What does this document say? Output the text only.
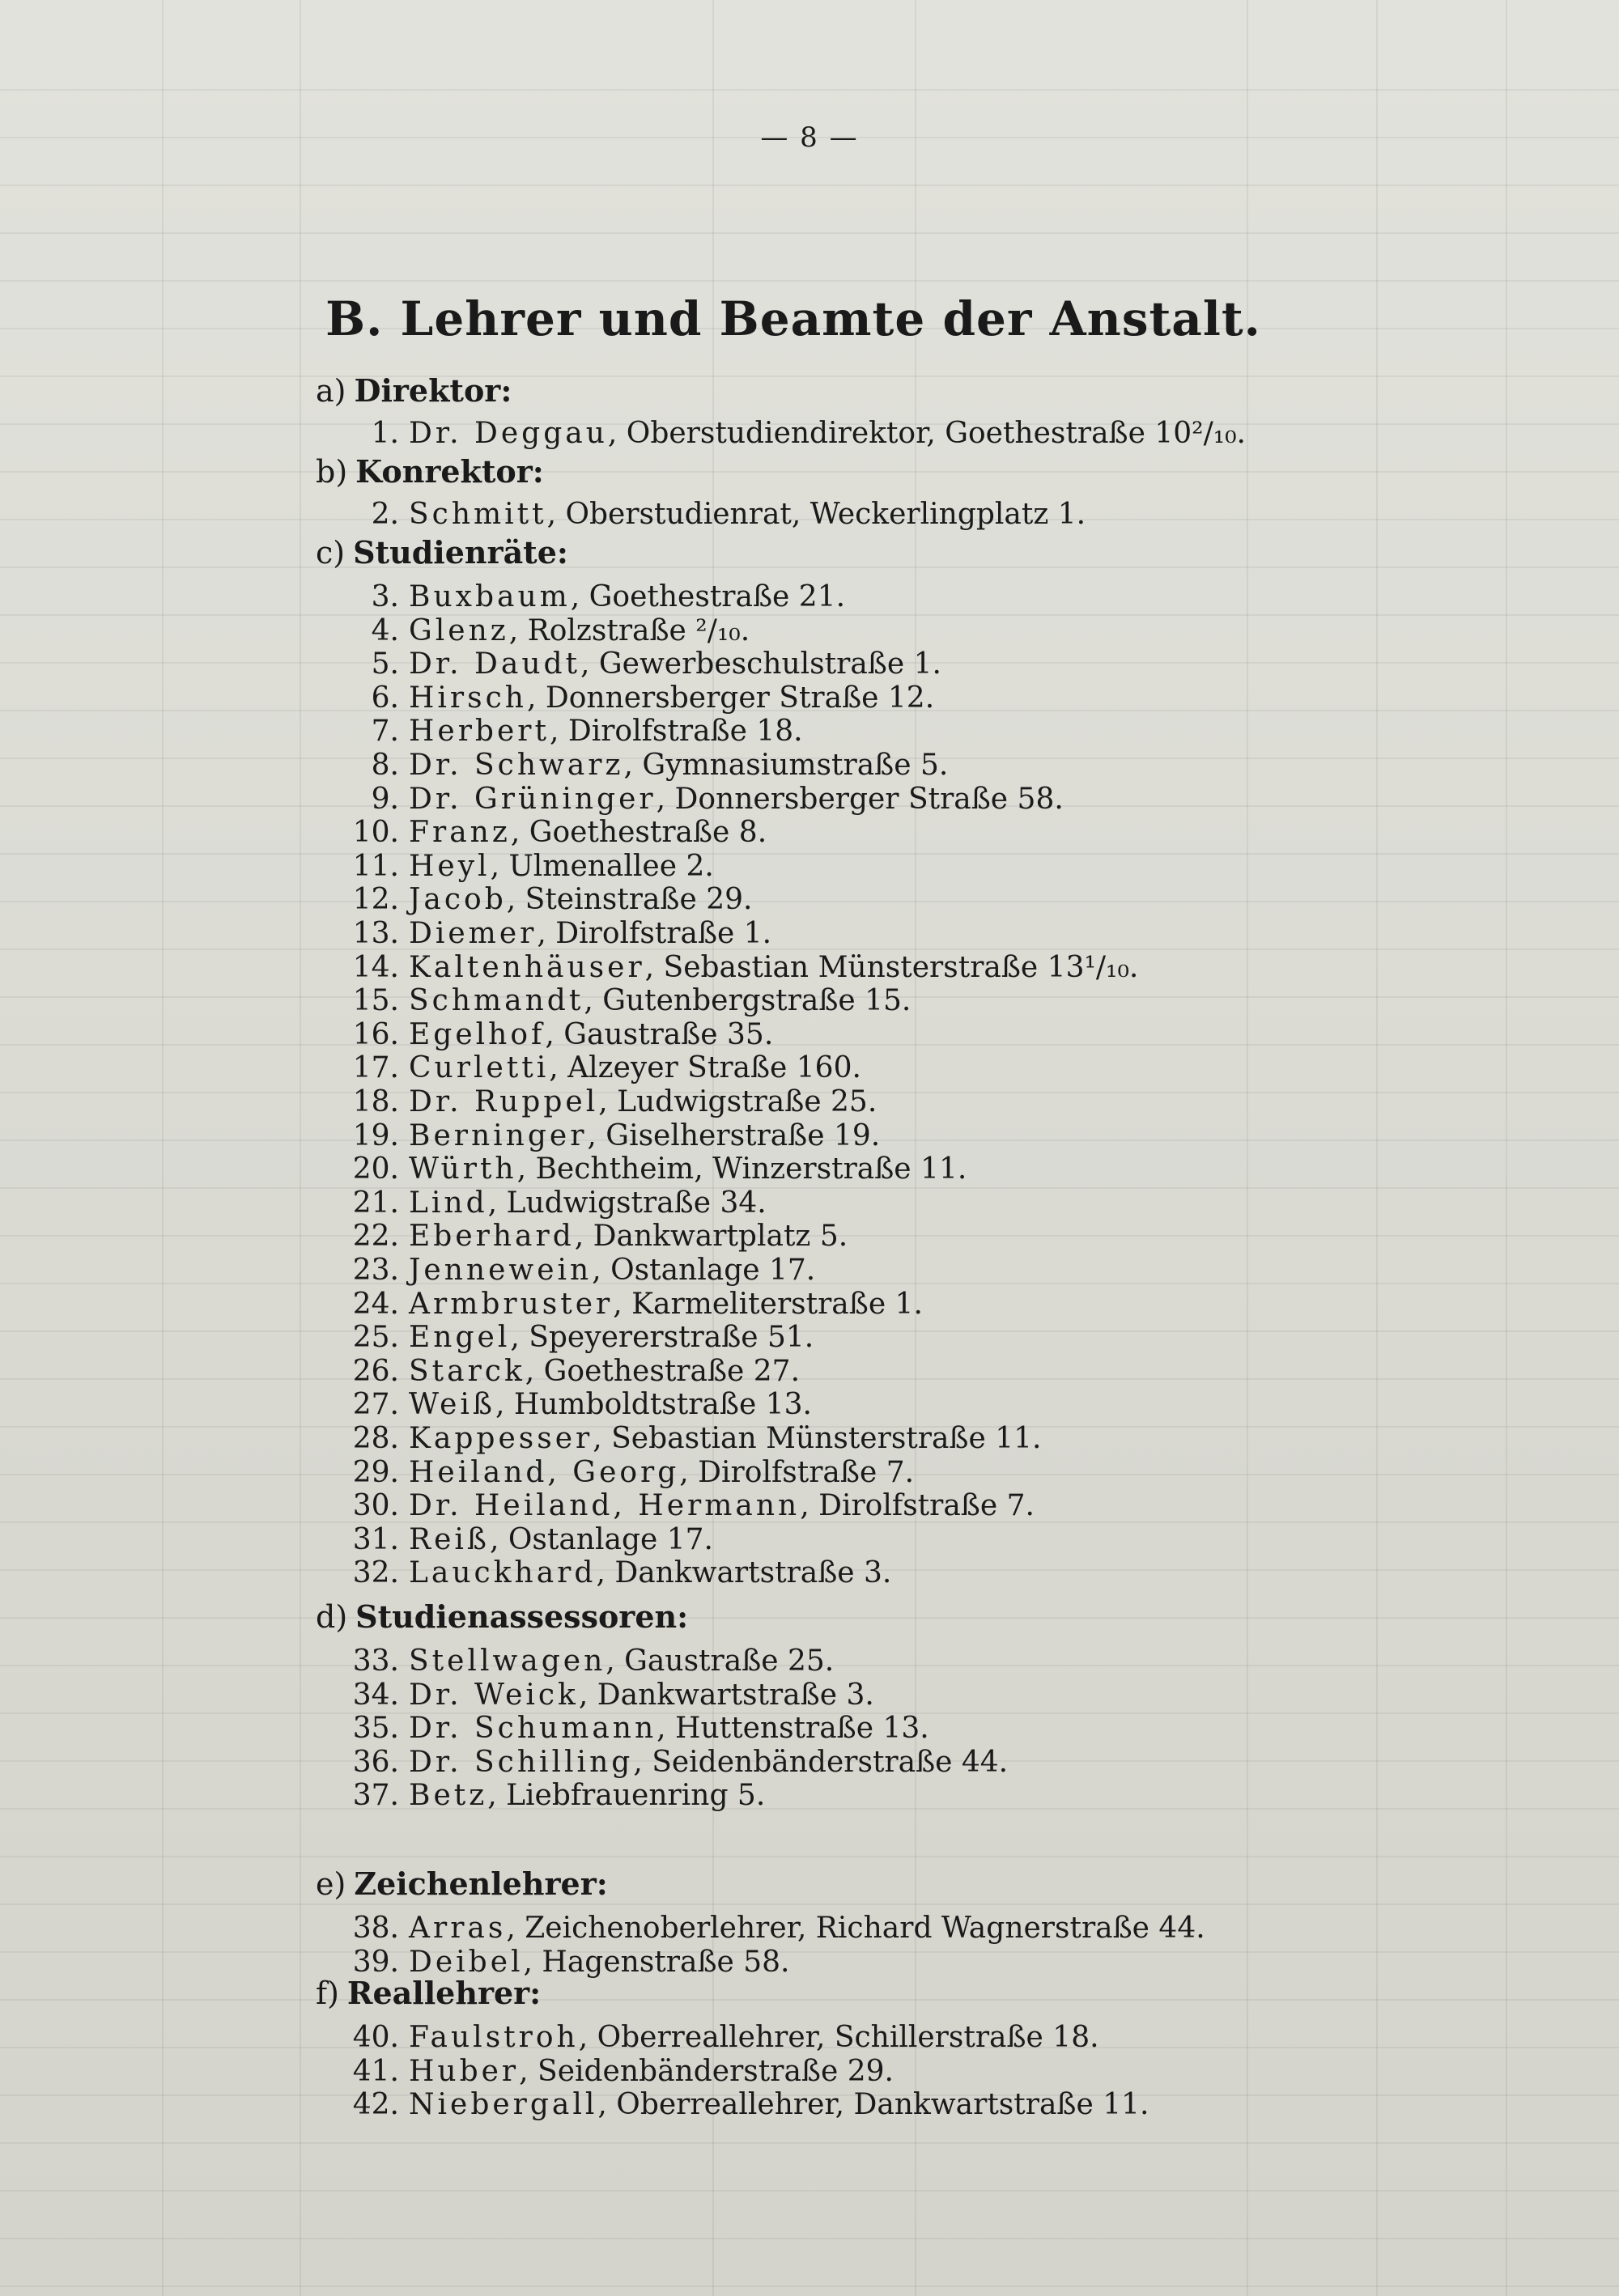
— 8 —
B. Lehrer und Beamte der Anstalt.
a) Direktor:
1. Dr. Deggau, Oberstudiendirektor, Goethestraße 10²/₁₀.
b) Konrektor:
2. Schmitt, Oberstudienrat, Weckerlingplatz 1.
c) Studienräte:
3. Buxbaum, Goethestraße 21.
4. Glenz, Rolzstraße ²/₁₀.
5. Dr. Daudt, Gewerbeschulstraße 1.
6. Hirsch, Donnersberger Straße 12.
7. Herbert, Dirolfstraße 18.
8. Dr. Schwarz, Gymnasiumstraße 5.
9. Dr. Grüninger, Donnersberger Straße 58.
10. Franz, Goethestraße 8.
11. Heyl, Ulmenallee 2.
12. Jacob, Steinstraße 29.
13. Diemer, Dirolfstraße 1.
14. Kaltenhäuser, Sebastian Münsterstraße 13¹/₁₀.
15. Schmandt, Gutenbergstraße 15.
16. Egelhof, Gaustraße 35.
17. Curletti, Alzeyer Straße 160.
18. Dr. Ruppel, Ludwigstraße 25.
19. Berninger, Giselherstraße 19.
20. Würth, Bechtheim, Winzerstraße 11.
21. Lind, Ludwigstraße 34.
22. Eberhard, Dankwartplatz 5.
23. Jennewein, Ostanlage 17.
24. Armbruster, Karmeliterstraße 1.
25. Engel, Speyererstraße 51.
26. Starck, Goethestraße 27.
27. Weiß, Humboldtstraße 13.
28. Kappesser, Sebastian Münsterstraße 11.
29. Heiland, Georg, Dirolfstraße 7.
30. Dr. Heiland, Hermann, Dirolfstraße 7.
31. Reiß, Ostanlage 17.
32. Lauckhard, Dankwartstraße 3.
d) Studienassessoren:
33. Stellwagen, Gaustraße 25.
34. Dr. Weick, Dankwartstraße 3.
35. Dr. Schumann, Huttenstraße 13.
36. Dr. Schilling, Seidenbänderstraße 44.
37. Betz, Liebfrauenring 5.
e) Zeichenlehrer:
38. Arras, Zeichenoberlehrer, Richard Wagnerstraße 44.
39. Deibel, Hagenstraße 58.
f) Reallehrer:
40. Faulstroh, Oberreallehrer, Schillerstraße 18.
41. Huber, Seidenbänderstraße 29.
42. Niebergall, Oberreallehrer, Dankwartstraße 11.
